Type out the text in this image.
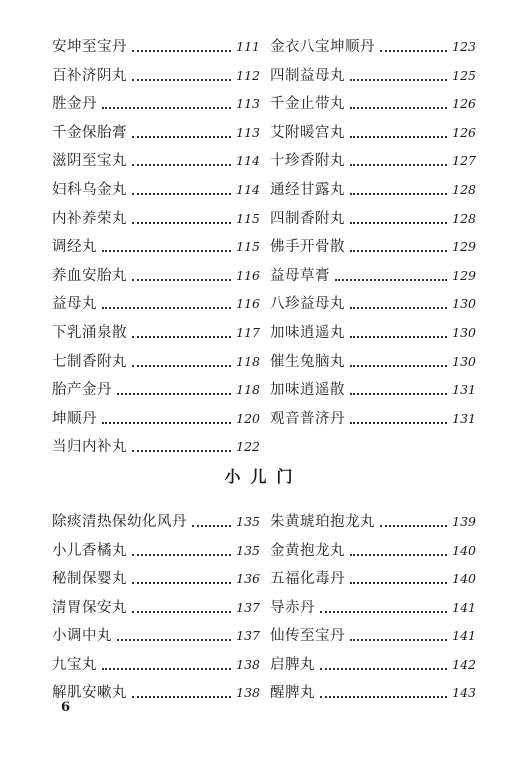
安坤至宝丹	111 金衣八宝坤顺丹	123
百补济阴丸	112 四制益母丸	125
胜金丹	113 千金止带丸	126
千金保胎膏	113 艾附暖宫丸	126
滋阴至宝丸	114 十珍香附丸	127
妇科乌金丸	114 通经甘露丸	128
内补养荣丸	115 四制香附丸	128
调经丸	115 佛手开骨散	129
养血安胎丸	116 益母草膏	129
益母丸	116 八珍益母丸	130
下乳涌泉散	117 加味逍遥丸	130
七制香附丸	118 催生兔脑丸	130
胎产金丹	118 加味逍遥散	131
坤顺丹	120 观音普济丹	131
当归内补丸	122
小儿门
除痰清热保幼化风丹	135 朱黄琥珀抱龙丸	139
小儿香橘丸	135 金黄抱龙丸	140
秘制保婴丸	136 五福化毒丹	140
清胃保安丸	137 导赤丹	141
小调中丸	137 仙传至宝丹	141
九宝丸	138 启脾丸	142
解肌安嗽丸	138 醒脾丸	143
6
